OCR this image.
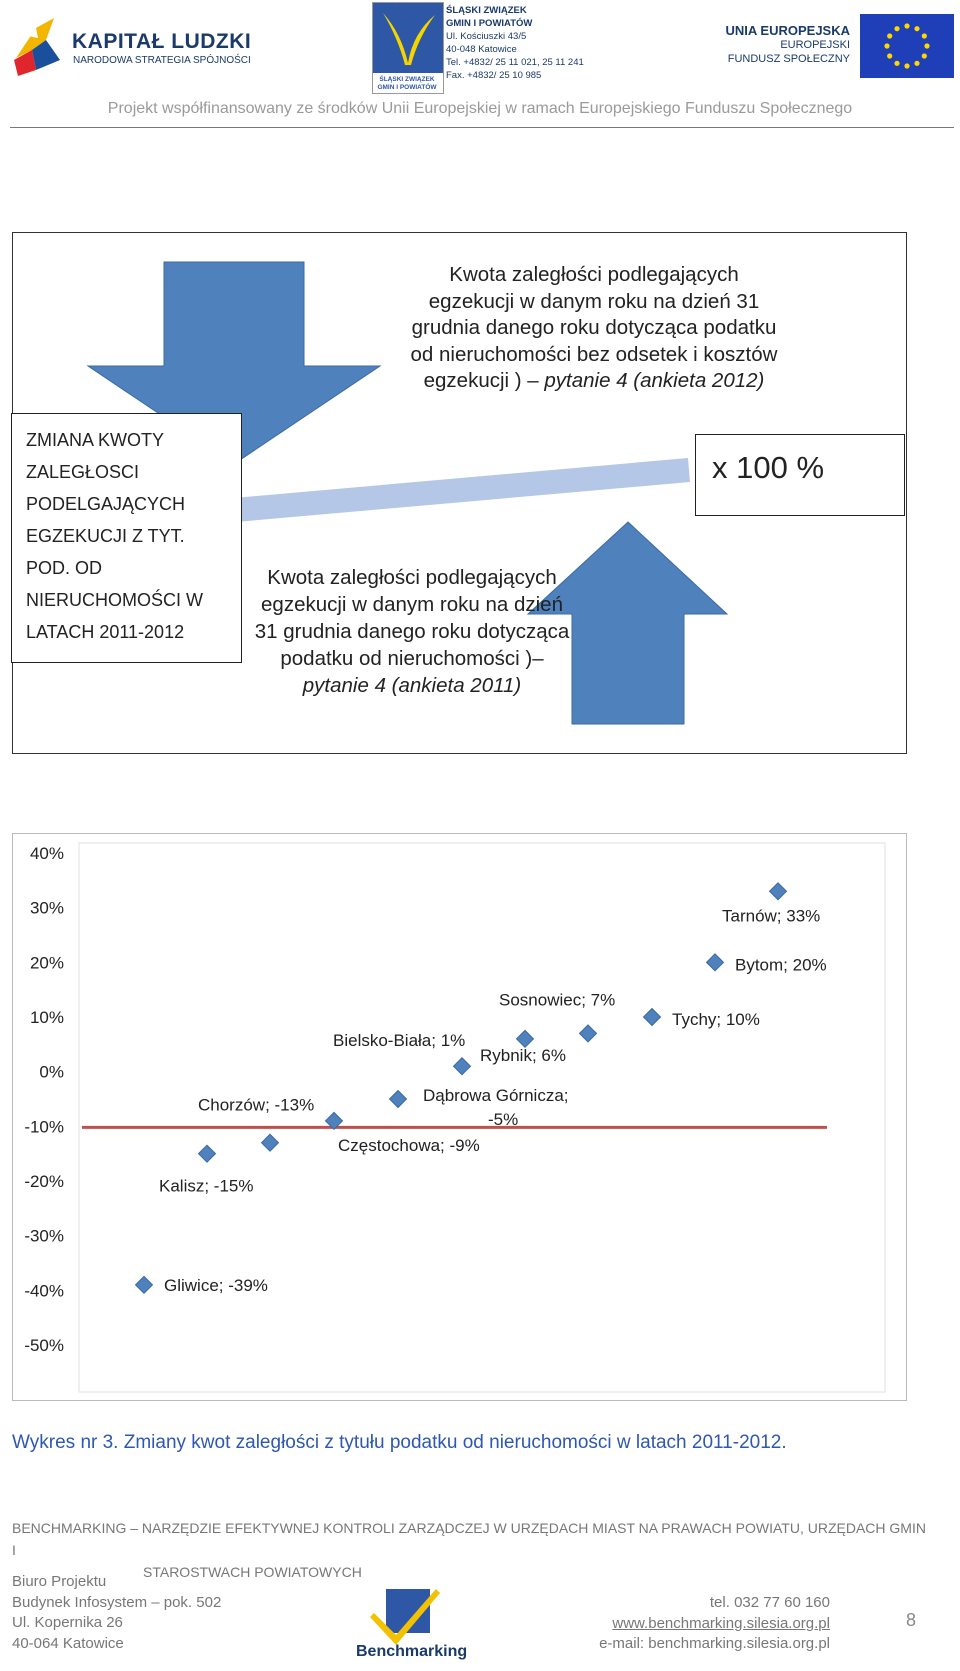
KAPITAŁ LUDZKI
NARODOWA STRATEGIA SPÓJNOŚCI
ŚLĄSKI ZWIĄZEK GMIN I POWIATÓW
ŚLĄSKI ZWIĄZEK
GMIN I POWIATÓW
Ul. Kościuszki 43/5
40-048 Katowice
Tel. +4832/ 25 11 021, 25 11 241
Fax. +4832/ 25 10 985
UNIA EUROPEJSKA
EUROPEJSKI
FUNDUSZ SPOŁECZNY
Projekt współfinansowany ze środków Unii Europejskiej w ramach Europejskiego Funduszu Społecznego
ZMIANA KWOTY ZALEGŁOSCI PODELGAJĄCYCH EGZEKUCJI Z TYT. POD. OD NIERUCHOMOŚCI W LATACH 2011-2012
Kwota zaległości podlegających egzekucji w danym roku na dzień 31 grudnia danego roku dotycząca podatku od nieruchomości bez odsetek i kosztów egzekucji ) – pytanie 4 (ankieta 2012)
Kwota zaległości podlegających egzekucji w danym roku na dzień 31 grudnia danego roku dotycząca podatku od nieruchomości )– pytanie 4 (ankieta 2011)
x 100 %
40%
30%
20%
10%
0%
-10%
-20%
-30%
-40%
-50%
Gliwice; -39%
Kalisz; -15%
Chorzów; -13%
Częstochowa; -9%
Dąbrowa Górnicza;
-5%
Bielsko-Biała; 1%
Rybnik; 6%
Sosnowiec; 7%
Tychy; 10%
Bytom; 20%
Tarnów; 33%
Wykres nr 3. Zmiany kwot zaległości z tytułu podatku od nieruchomości w latach 2011-2012.
BENCHMARKING – NARZĘDZIE EFEKTYWNEJ KONTROLI ZARZĄDCZEJ W URZĘDACH MIAST NA PRAWACH POWIATU, URZĘDACH GMIN I
STAROSTWACH POWIATOWYCH
Biuro Projektu
Budynek Infosystem – pok. 502
Ul. Kopernika 26
40-064 Katowice	Benchmarking
tel. 032 77 60 160
www.benchmarking.silesia.org.pl
e-mail: benchmarking.silesia.org.pl
8
